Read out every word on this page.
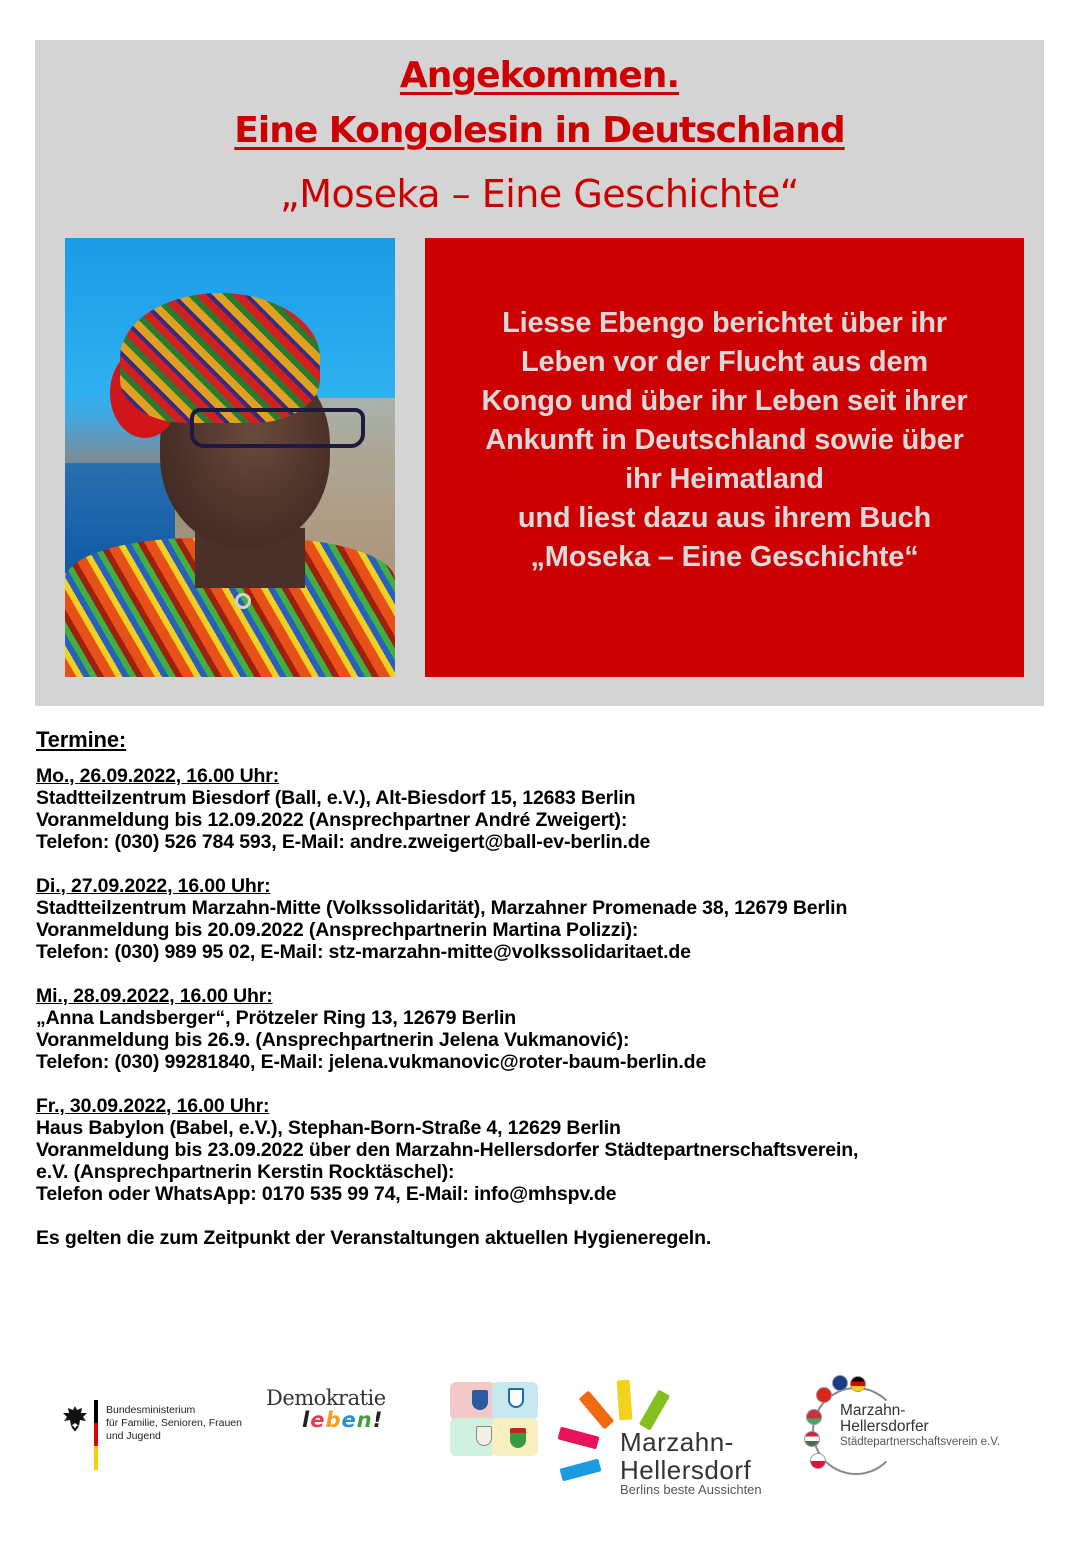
Angekommen.
Eine Kongolesin in Deutschland
„Moseka – Eine Geschichte“
Liesse Ebengo berichtet über ihr
Leben vor der Flucht aus dem
Kongo und über ihr Leben seit ihrer
Ankunft in Deutschland sowie über
ihr Heimatland
und liest dazu aus ihrem Buch
„Moseka – Eine Geschichte“
Termine:
Mo., 26.09.2022, 16.00 Uhr:
Stadtteilzentrum Biesdorf (Ball, e.V.), Alt-Biesdorf 15, 12683 Berlin
Voranmeldung bis 12.09.2022 (Ansprechpartner André Zweigert):
Telefon: (030) 526 784 593, E-Mail: andre.zweigert@ball-ev-berlin.de
Di., 27.09.2022, 16.00 Uhr:
Stadtteilzentrum Marzahn-Mitte (Volkssolidarität), Marzahner Promenade 38, 12679 Berlin
Voranmeldung bis 20.09.2022 (Ansprechpartnerin Martina Polizzi):
Telefon: (030) 989 95 02, E-Mail: stz-marzahn-mitte@volkssolidaritaet.de
Mi., 28.09.2022, 16.00 Uhr:
„Anna Landsberger“, Prötzeler Ring 13, 12679 Berlin
Voranmeldung bis 26.9. (Ansprechpartnerin Jelena Vukmanović):
Telefon: (030) 99281840, E-Mail: jelena.vukmanovic@roter-baum-berlin.de
Fr., 30.09.2022, 16.00 Uhr:
Haus Babylon (Babel, e.V.), Stephan-Born-Straße 4, 12629 Berlin
Voranmeldung bis 23.09.2022 über den Marzahn-Hellersdorfer Städtepartnerschaftsverein,
e.V. (Ansprechpartnerin Kerstin Rocktäschel):
Telefon oder WhatsApp: 0170 535 99 74, E-Mail: info@mhspv.de
Es gelten die zum Zeitpunkt der Veranstaltungen aktuellen Hygieneregeln.
Bundesministerium
für Familie, Senioren, Frauen
und Jugend
Demokratie
leben!
Marzahn-
Hellersdorf
Berlins beste Aussichten
Marzahn-
Hellersdorfer
Städtepartnerschaftsverein e.V.
